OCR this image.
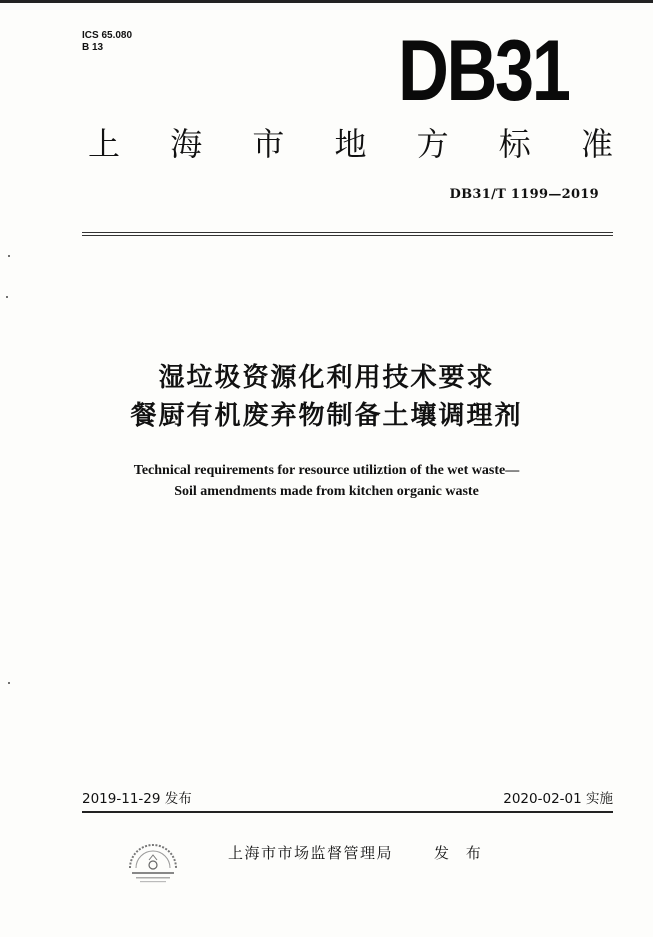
ICS 65.080
B 13	DB31
上 海 市 地 方 标 准
DB31/T 1199—2019
湿垃圾资源化利用技术要求
餐厨有机废弃物制备土壤调理剂
Technical requirements for resource utiliztion of the wet waste—
Soil amendments made from kitchen organic waste
2019-11-29 发布	2020-02-01 实施
上海市市场监督管理局	发 布
